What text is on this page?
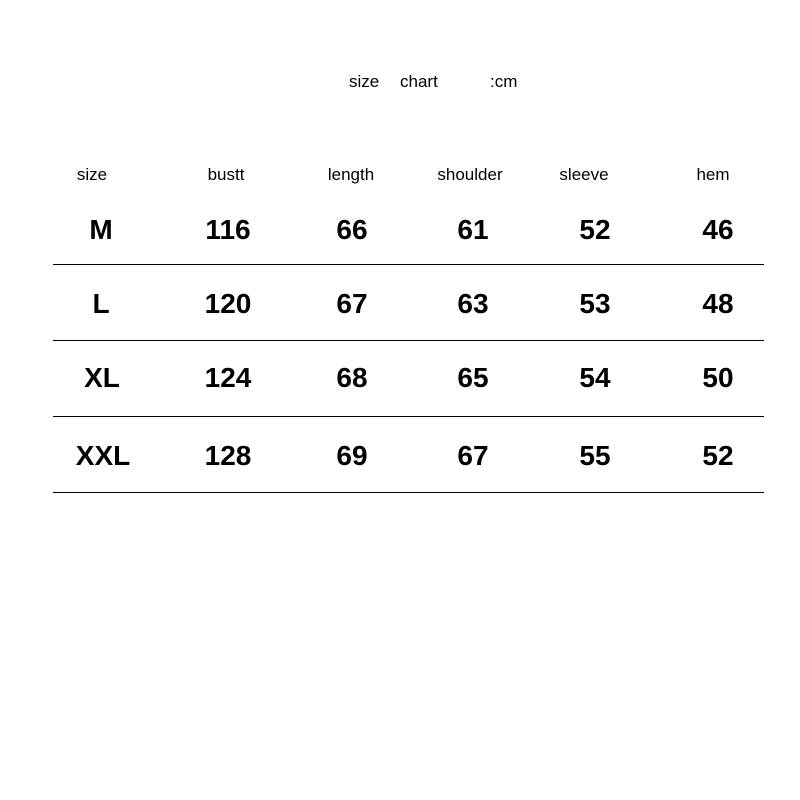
size chart	:cm
size	bustt	length	shoulder	sleeve	hem
M	116	66	61	52	46
L	120	67	63	53	48
XL	124	68	65	54	50
XXL	128	69	67	55	52
